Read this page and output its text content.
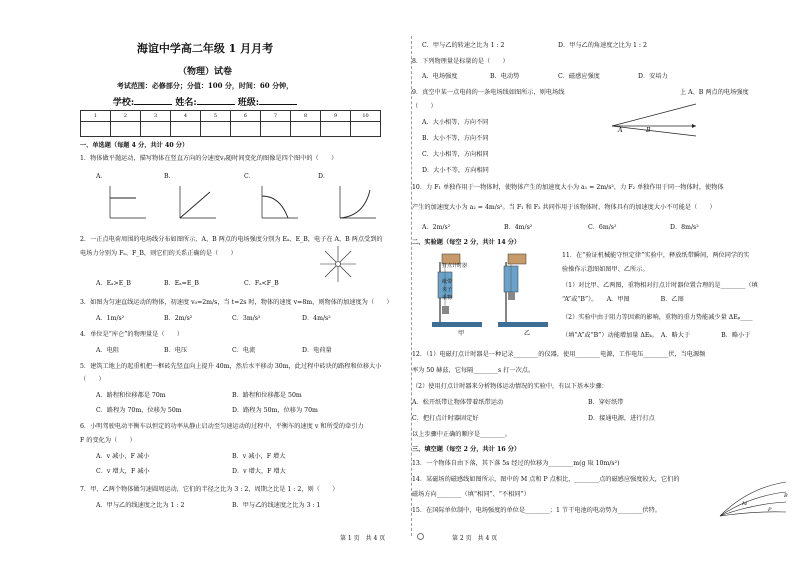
海谊中学高二年级 1 月月考
（物理）试卷
考试范围：必修部分；分值：100 分，时间：60 分钟，
学校:	姓名:	班级:
1	2	3	4	5	6	7	8	9	10

一、单选题（每题 4 分，共计 40 分）
1．物体做平抛运动，描写物体在竖直方向的分速度vᵧ随时间变化的图像是四个图中的（　　）
A．	B．	C．	D．
2．一正点电荷周围的电场线分布如图所示，A、B 两点的电场强度分别为 Eₐ、E_B，电子在 A、B 两点受到的
电场力分别为 Fₐ、F_B，则它们的关系正确的是（　　）
A．Eₐ>E_B	B．Eₐ=E_B	C．Fₐ<F_B
3．如图为匀速直线运动的物体，初速度 v₀=2m/s，当 t=2s 时，物体的速度 v=8m，则物体的加速度为（　　）
A．1m/s²	B．2m/s²	C．3m/s²	D．4m/s²
4．单位是“库仑”的物理量是（　　）
A．电阻	B．电压	C．电流	D．电荷量
5．建筑工地上的起重机把一框砖先竖直向上提升 40m，然后水平移动 30m，此过程中砖块的路程和位移大小
（　　）
A．路程和位移都是 70m	B．路程和位移都是 50m
C．路程为 70m，位移为 50m	D．路程为 50m，位移为 70m
6．小明驾驶电动平衡车以恒定的功率从静止启动至匀速运动的过程中，平衡车的速度 v 和所受的牵引力
F 的变化为（　　）
A．v 减小，F 减小	B．v 减小，F 增大
C．v 增大，F 减小	D．v 增大，F 增大
7．甲、乙两个物体做匀速圆周运动，它们的半径之比为 3 : 2，周期之比是 1 : 2，则（　　）
A．甲与乙的线速度之比为 1 : 2	B．甲与乙的线速度之比为 3 : 1
第 1 页　共 4 页
C．甲与乙的转速之比为 1 : 2	D．甲与乙的角速度之比为 1 : 2
8．下列物理量是标量的是（　　）
A．电场强度	B．电动势	C．磁感应强度	D．安培力
9．真空中某一点电荷的一条电场线如图所示，则电场线	上 A、B 两点的电场强度
（　　）
A	B
A．大小相等，方向不同
B．大小不等，方向不同
C．大小相等，方向相同
D．大小不等，方向相同
10．力 F₁ 单独作用于一物体时，使物体产生的加速度大小为 a₁ = 2m/s²，力 F₂ 单独作用于同一物体时，使物体
产生的加速度大小为 a₂ = 4m/s²。当 F₁ 和 F₂ 共同作用于该物体时，物体具有的加速度大小不可能是（　　）
A．2m/s²	B．4m/s²	C．6m/s²	D．8m/s²
二、实验题（每空 2 分，共计 14 分）
打点计时器
纸带
夹子
重物
甲	乙
11．在“验证机械能守恒定律”实验中，释放纸带瞬间，两位同学的实
验操作示意图如图甲、乙所示。
（1）对比甲、乙两图，重物相对打点计时器位置合理的是________（填
“A”或“B”）。　　A．甲图　　　　　B．乙图
（2）实验中由于阻力等因素的影响，重物的重力势能减少量 ΔEₚ____
（填“A”或“B”）动能增加量 ΔEₖ。　A．略大于　　　　　B．略小于
12．（1）电磁打点计时器是一种记录________的仪器，使用________电源，工作电压________伏，当电源频
率为 50 赫兹，它每隔________s 打一次点。
（2）使用打点计时器来分析物体运动情况的实验中，有以下基本步骤：
A．松开纸带让物体带着纸带运动	B．穿好纸带
C．把打点计时器固定好	D．接通电源，进行打点
以上步骤中正确的顺序是________。
三、填空题（每空 2 分，共计 16 分）
13．一个物体自由下落，其下落 5s 经过的位移为________m(g 取 10m/s²)
14．某磁场的磁感线如图所示，图中的 M 点和 P 点相比，________点的磁感应强度较大，它们的
磁场方向________（填“相同”、“不相同”）
15．在国际单位制中，电场强度的单位是________；1 节干电池的电动势为________伏特。
M
P
B
第 2 页　共 4 页
